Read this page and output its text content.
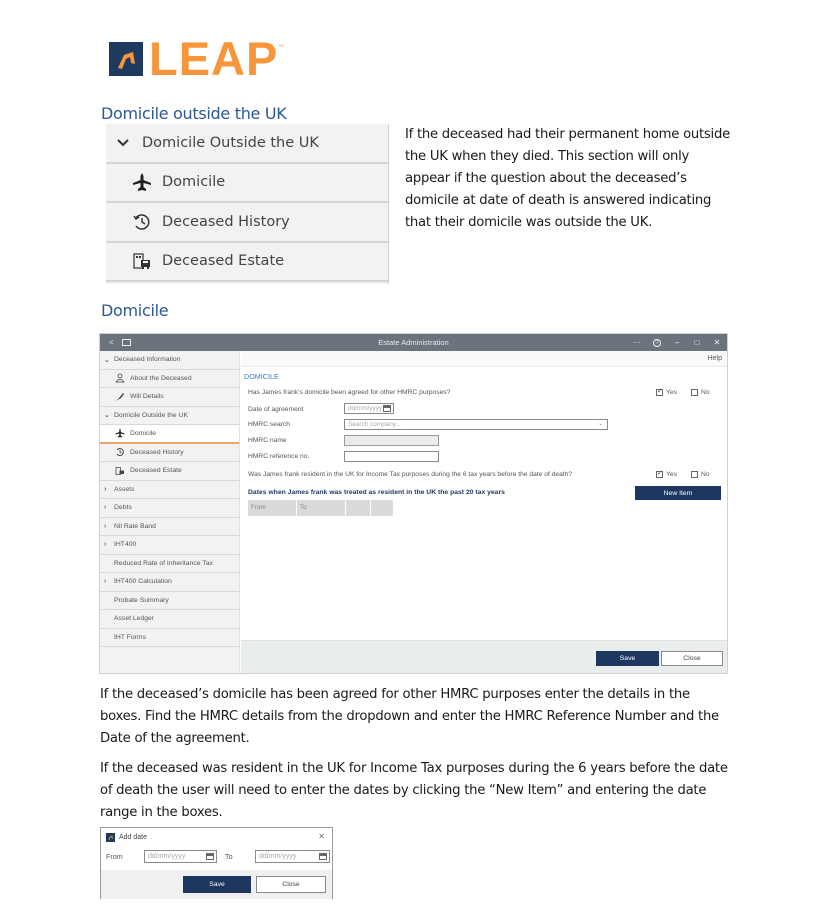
LEAP ™
Domicile outside the UK
Domicile Outside the UK
Domicile
Deceased History
Deceased Estate
If the deceased had their permanent home outside the UK when they died. This section will only appear if the question about the deceased’s domicile at date of death is answered indicating that their domicile was outside the UK.
Domicile
<	Estate Administration	···	?	–	□	✕
⌄ Deceased Information
About the Deceased
Will Details
⌄ Domicile Outside the UK
Domicile
Deceased History
Deceased Estate
›	Assets
›	Debts
›	Nil Rate Band
›	IHT400
Reduced Rate of Inheritance Tax
›	IHT400 Calculation
Probate Summary
Asset Ledger
IHT Forms
Help
DOMICILE
Has James frank's domicile been agreed for other HMRC purposes? ✓	Yes	No
Date of agreement	dd/mm/yyyy
HMRC search	Search company...	⌄
HMRC name
HMRC reference no.
Was James frank resident in the UK for Income Tax purposes during the 6 tax years before the date of death? ✓	Yes	No
Dates when James frank was treated as resident in the UK the past 20 tax years	New Item
From	To
Save	Close
If the deceased’s domicile has been agreed for other HMRC purposes enter the details in the boxes. Find the HMRC details from the dropdown and enter the HMRC Reference Number and the Date of the agreement.
If the deceased was resident in the UK for Income Tax purposes during the 6 years before the date of death the user will need to enter the dates by clicking the “New Item” and entering the date range in the boxes.
Add date	✕
From	dd/mm/yyyy	To	dd/mm/yyyy
Save	Close
